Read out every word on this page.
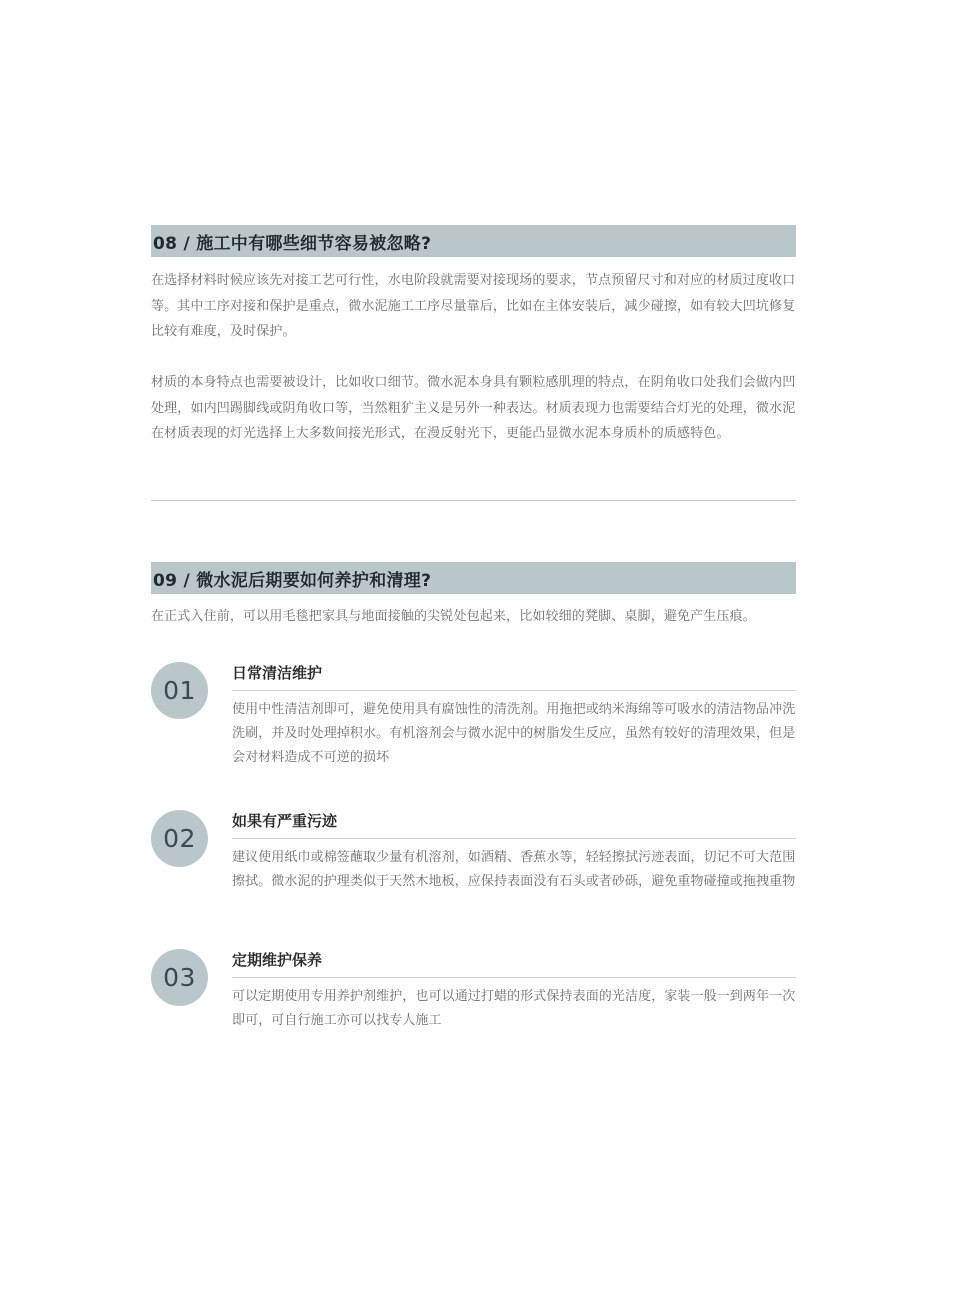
08 / 施工中有哪些细节容易被忽略?
在选择材料时候应该先对接工艺可行性，水电阶段就需要对接现场的要求，节点预留尺寸和对应的材质过度收口等。其中工序对接和保护是重点，微水泥施工工序尽量靠后，比如在主体安装后，减少碰擦，如有较大凹坑修复比较有难度，及时保护。
材质的本身特点也需要被设计，比如收口细节。微水泥本身具有颗粒感肌理的特点，在阴角收口处我们会做内凹处理，如内凹踢脚线或阴角收口等，当然粗犷主义是另外一种表达。材质表现力也需要结合灯光的处理，微水泥在材质表现的灯光选择上大多数间接光形式，在漫反射光下，更能凸显微水泥本身质朴的质感特色。
09 / 微水泥后期要如何养护和清理?
在正式入住前，可以用毛毯把家具与地面接触的尖锐处包起来，比如较细的凳脚、桌脚，避免产生压痕。
01
日常清洁维护
使用中性清洁剂即可，避免使用具有腐蚀性的清洗剂。用拖把或纳米海绵等可吸水的清洁物品冲洗洗刷，并及时处理掉积水。有机溶剂会与微水泥中的树脂发生反应，虽然有较好的清理效果，但是会对材料造成不可逆的损坏
02
如果有严重污迹
建议使用纸巾或棉签蘸取少量有机溶剂，如酒精、香蕉水等，轻轻擦拭污迹表面，切记不可大范围擦拭。微水泥的护理类似于天然木地板，应保持表面没有石头或者砂砾，避免重物碰撞或拖拽重物
03
定期维护保养
可以定期使用专用养护剂维护，也可以通过打蜡的形式保持表面的光洁度，家装一般一到两年一次即可，可自行施工亦可以找专人施工
